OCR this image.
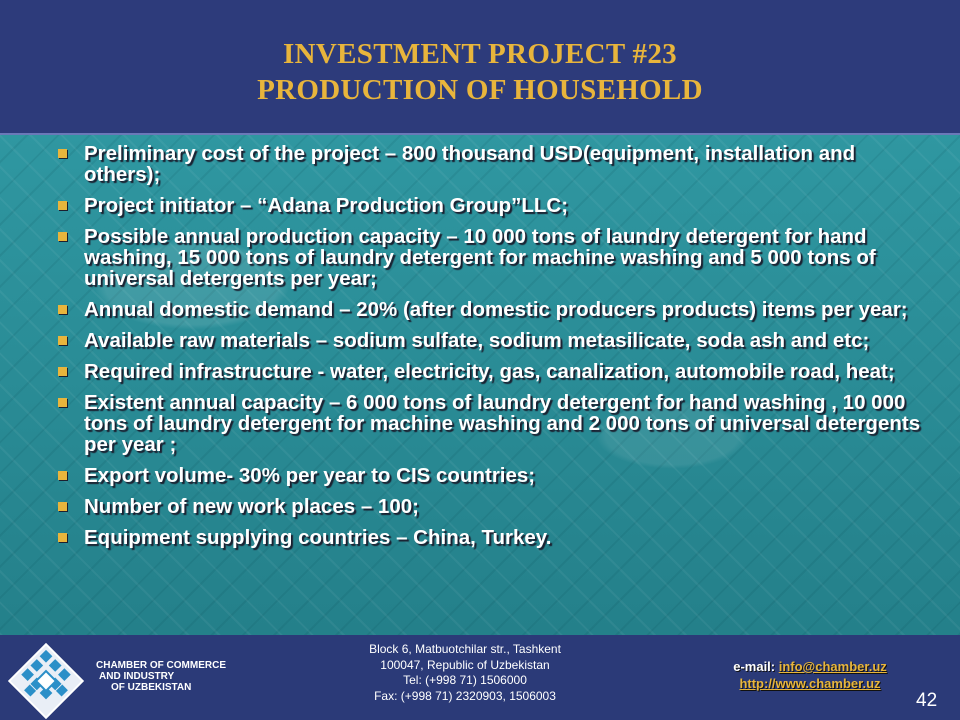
INVESTMENT PROJECT #23
PRODUCTION OF HOUSEHOLD
Preliminary cost of the project – 800 thousand USD(equipment, installation and others);
Project initiator – “Adana Production Group”LLC;
Possible annual production capacity – 10 000 tons of laundry detergent for hand washing, 15 000 tons of laundry detergent for machine washing and 5 000 tons of universal detergents per year;
Annual domestic demand – 20% (after domestic producers products) items per year;
Available raw materials – sodium sulfate, sodium metasilicate, soda ash and etc;
Required infrastructure - water, electricity, gas, canalization, automobile road, heat;
Existent annual capacity – 6 000 tons of laundry detergent for hand washing , 10 000 tons of laundry detergent for machine washing and 2 000 tons of universal detergents per year ;
Export volume- 30% per year to CIS countries;
Number of new work places – 100;
Equipment supplying countries – China, Turkey.
CHAMBER OF COMMERCE
AND INDUSTRY
OF UZBEKISTAN
Block 6, Matbuotchilar str., Tashkent
100047, Republic of Uzbekistan
Tel: (+998 71) 1506000
Fax: (+998 71) 2320903, 1506003
e-mail: info@chamber.uz
http://www.chamber.uz
42
